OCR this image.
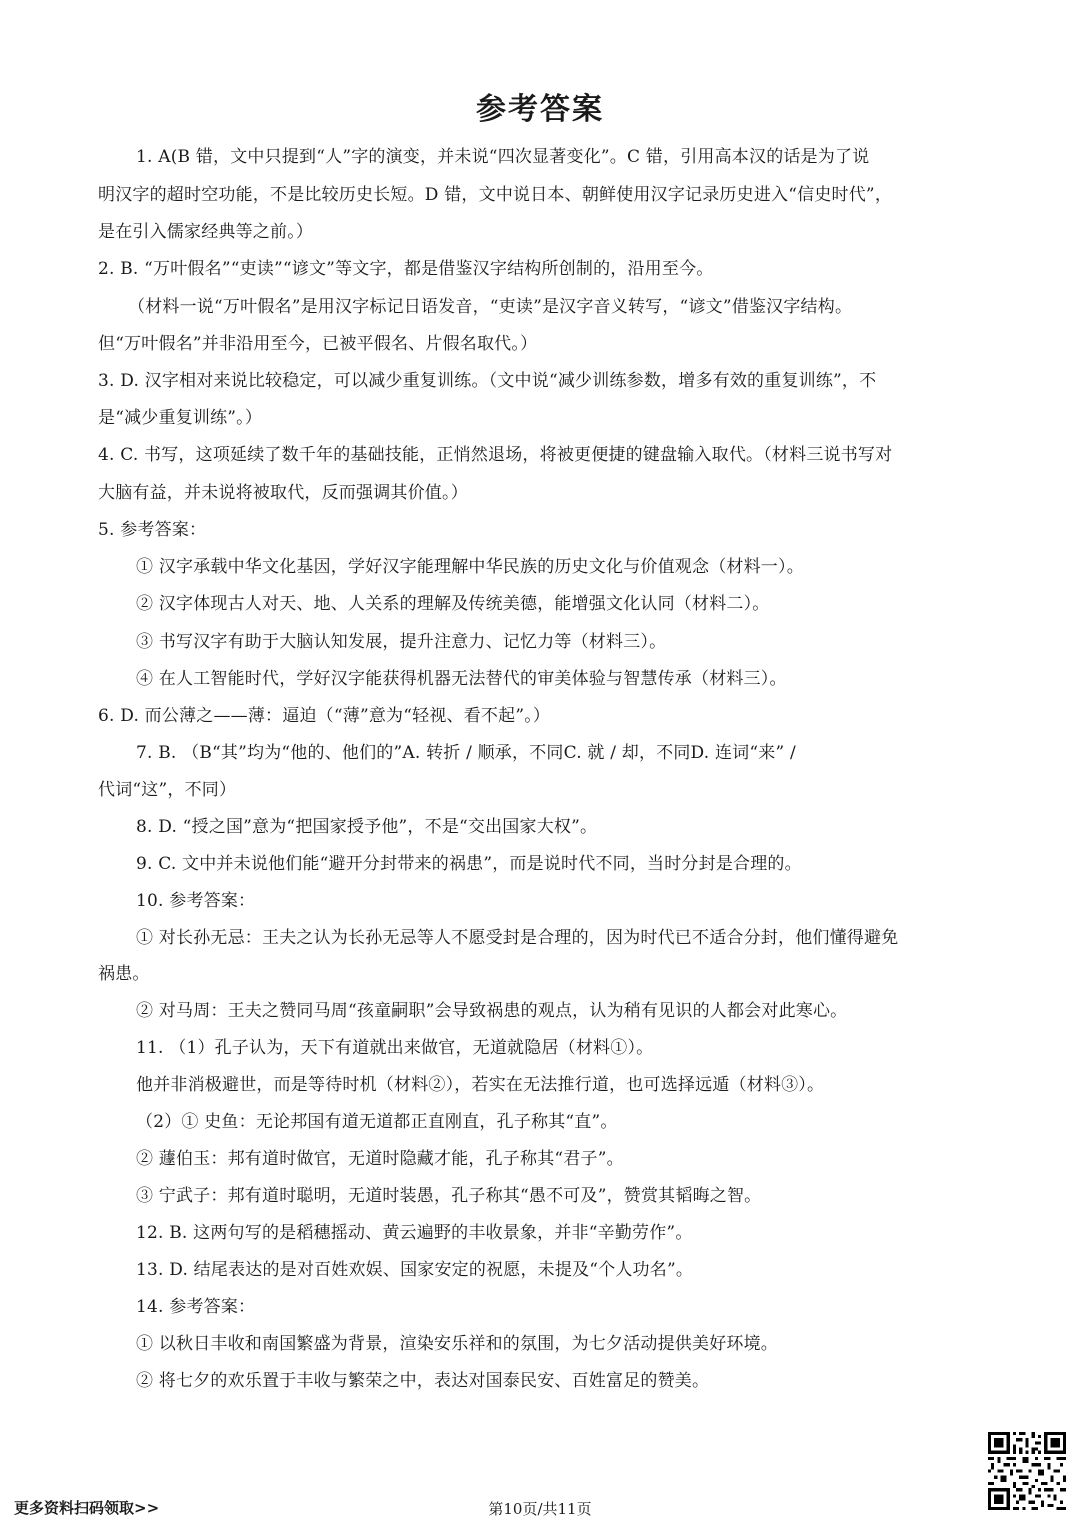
参考答案
1. A(B 错，文中只提到“人”字的演变，并未说“四次显著变化”。C 错，引用高本汉的话是为了说
明汉字的超时空功能，不是比较历史长短。D 错，文中说日本、朝鲜使用汉字记录历史进入“信史时代”，
是在引入儒家经典等之前。）
2. B. “万叶假名”“吏读”“谚文”等文字，都是借鉴汉字结构所创制的，沿用至今。
（材料一说“万叶假名”是用汉字标记日语发音，“吏读”是汉字音义转写，“谚文”借鉴汉字结构。
但“万叶假名”并非沿用至今，已被平假名、片假名取代。）
3. D. 汉字相对来说比较稳定，可以减少重复训练。（文中说“减少训练参数，增多有效的重复训练”，不
是“减少重复训练”。）
4. C. 书写，这项延续了数千年的基础技能，正悄然退场，将被更便捷的键盘输入取代。（材料三说书写对
大脑有益，并未说将被取代，反而强调其价值。）
5. 参考答案：
① 汉字承载中华文化基因，学好汉字能理解中华民族的历史文化与价值观念（材料一）。
② 汉字体现古人对天、地、人关系的理解及传统美德，能增强文化认同（材料二）。
③ 书写汉字有助于大脑认知发展，提升注意力、记忆力等（材料三）。
④ 在人工智能时代，学好汉字能获得机器无法替代的审美体验与智慧传承（材料三）。
6. D. 而公薄之——薄：逼迫（“薄”意为“轻视、看不起”。）
7. B. （B“其”均为“他的、他们的”A. 转折 / 顺承，不同C. 就 / 却，不同D. 连词“来” /
代词“这”，不同）
8. D. “授之国”意为“把国家授予他”，不是“交出国家大权”。
9. C. 文中并未说他们能“避开分封带来的祸患”，而是说时代不同，当时分封是合理的。
10. 参考答案：
① 对长孙无忌：王夫之认为长孙无忌等人不愿受封是合理的，因为时代已不适合分封，他们懂得避免
祸患。
② 对马周：王夫之赞同马周“孩童嗣职”会导致祸患的观点，认为稍有见识的人都会对此寒心。
11. （1）孔子认为，天下有道就出来做官，无道就隐居（材料①）。
他并非消极避世，而是等待时机（材料②），若实在无法推行道，也可选择远遁（材料③）。
（2）① 史鱼：无论邦国有道无道都正直刚直，孔子称其“直”。
② 蘧伯玉：邦有道时做官，无道时隐藏才能，孔子称其“君子”。
③ 宁武子：邦有道时聪明，无道时装愚，孔子称其“愚不可及”，赞赏其韬晦之智。
12. B. 这两句写的是稻穗摇动、黄云遍野的丰收景象，并非“辛勤劳作”。
13. D. 结尾表达的是对百姓欢娱、国家安定的祝愿，未提及“个人功名”。
14. 参考答案：
① 以秋日丰收和南国繁盛为背景，渲染安乐祥和的氛围，为七夕活动提供美好环境。
② 将七夕的欢乐置于丰收与繁荣之中，表达对国泰民安、百姓富足的赞美。
更多资料扫码领取>>	第10页/共11页
